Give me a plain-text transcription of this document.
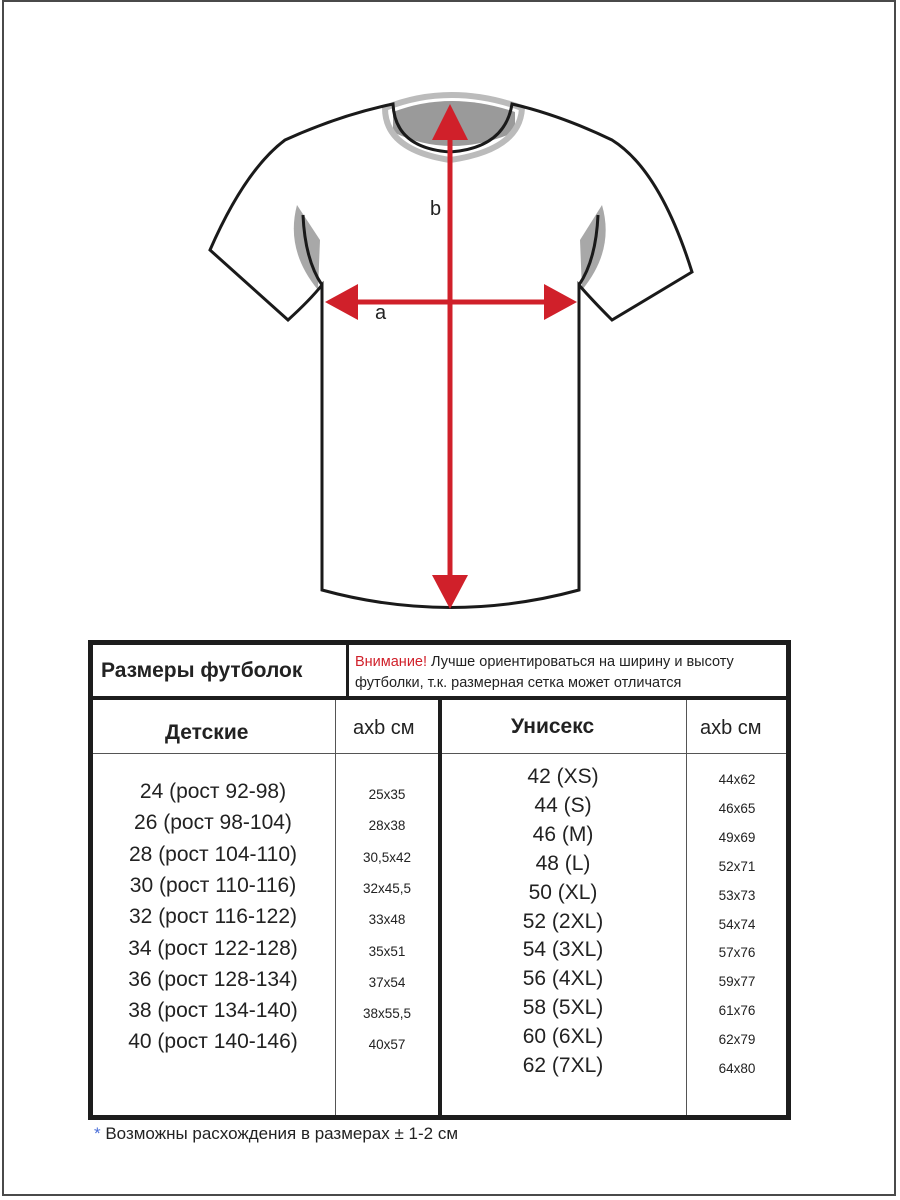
b
a
Размеры футболок	Внимание! Лучше ориентироваться на ширину и высоту
футболки, т.к. размерная сетка может отличатся
Детские	axb см	Унисекс	axb см
24 (рост 92-98)	25x35
26 (рост 98-104)	28x38
28 (рост 104-110)	30,5x42
30 (рост 110-116)	32x45,5
32 (рост 116-122)	33x48
34 (рост 122-128)	35x51
36 (рост 128-134)	37x54
38 (рост 134-140)	38x55,5
40 (рост 140-146)	40x57
42 (XS)	44x62
44 (S)	46x65
46 (M)	49x69
48 (L)	52x71
50 (XL)	53x73
52 (2XL)	54x74
54 (3XL)	57x76
56 (4XL)	59x77
58 (5XL)	61x76
60 (6XL)	62x79
62 (7XL)	64x80
* Возможны расхождения в размерах ± 1-2 см
